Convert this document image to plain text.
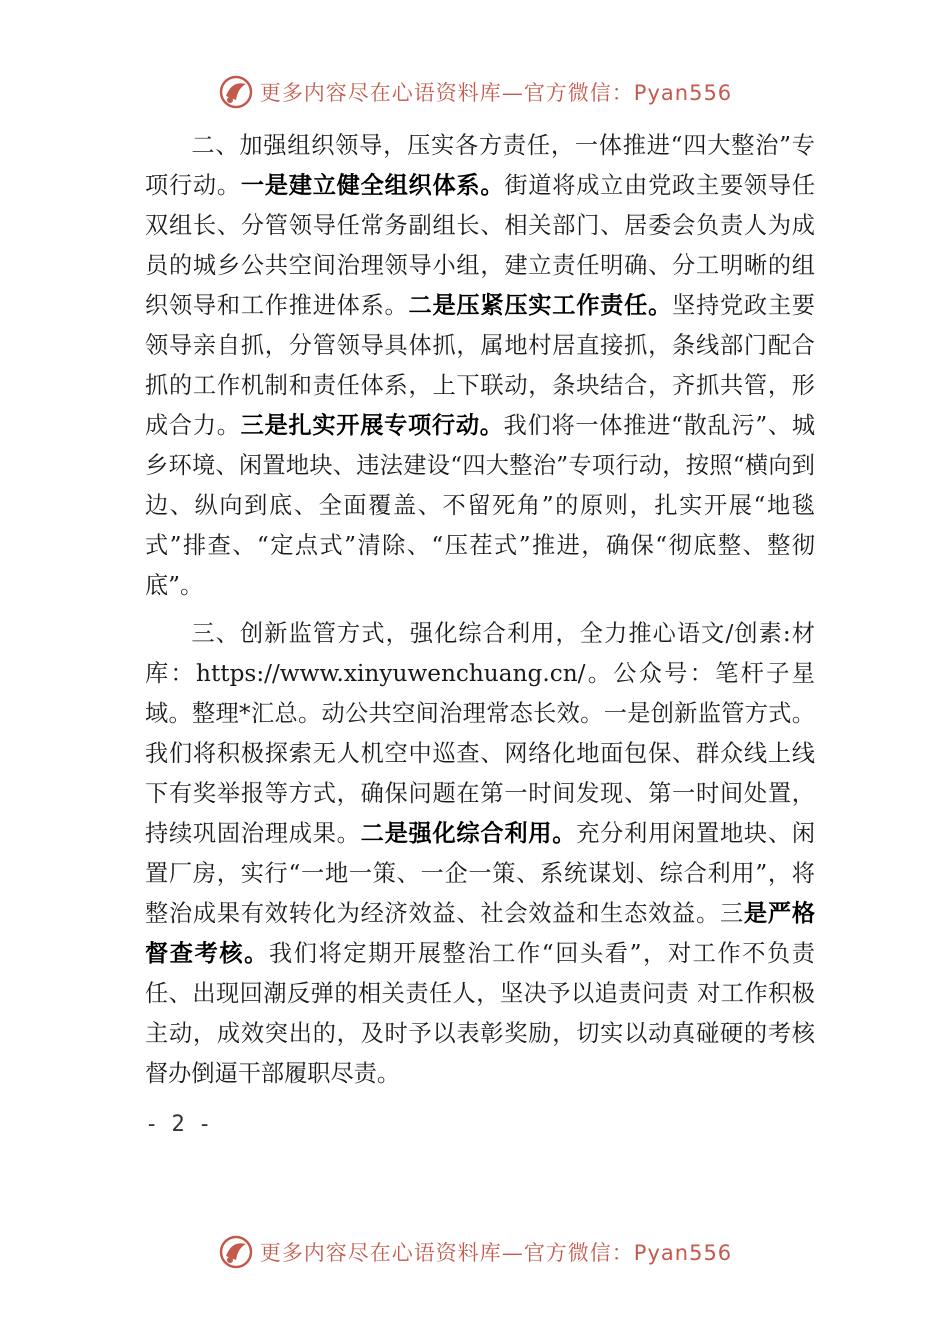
更多内容尽在心语资料库—官方微信：Pyan556

二、加强组织领导，压实各方责任，一体推进“四大整治”专项行动。一是建立健全组织体系。街道将成立由党政主要领导任双组长、分管领导任常务副组长、相关部门、居委会负责人为成员的城乡公共空间治理领导小组，建立责任明确、分工明晰的组织领导和工作推进体系。二是压紧压实工作责任。坚持党政主要领导亲自抓，分管领导具体抓，属地村居直接抓，条线部门配合抓的工作机制和责任体系，上下联动，条块结合，齐抓共管，形成合力。三是扎实开展专项行动。我们将一体推进“散乱污”、城乡环境、闲置地块、违法建设“四大整治”专项行动，按照“横向到边、纵向到底、全面覆盖、不留死角”的原则，扎实开展“地毯式”排查、“定点式”清除、“压茬式”推进，确保“彻底整、整彻底”。

三、创新监管方式，强化综合利用，全力推心语文/创素:材库：https://www.xinyuwenchuang.cn/。公众号：笔杆子星域。整理*汇总。动公共空间治理常态长效。一是创新监管方式。我们将积极探索无人机空中巡查、网络化地面包保、群众线上线下有奖举报等方式，确保问题在第一时间发现、第一时间处置，持续巩固治理成果。二是强化综合利用。充分利用闲置地块、闲置厂房，实行“一地一策、一企一策、系统谋划、综合利用”，将整治成果有效转化为经济效益、社会效益和生态效益。三是严格督查考核。我们将定期开展整治工作“回头看”，对工作不负责任、出现回潮反弹的相关责任人，坚决予以追责问责 对工作积极主动，成效突出的，及时予以表彰奖励，切实以动真碰硬的考核督办倒逼干部履职尽责。

- 2 -
更多内容尽在心语资料库—官方微信：Pyan556
